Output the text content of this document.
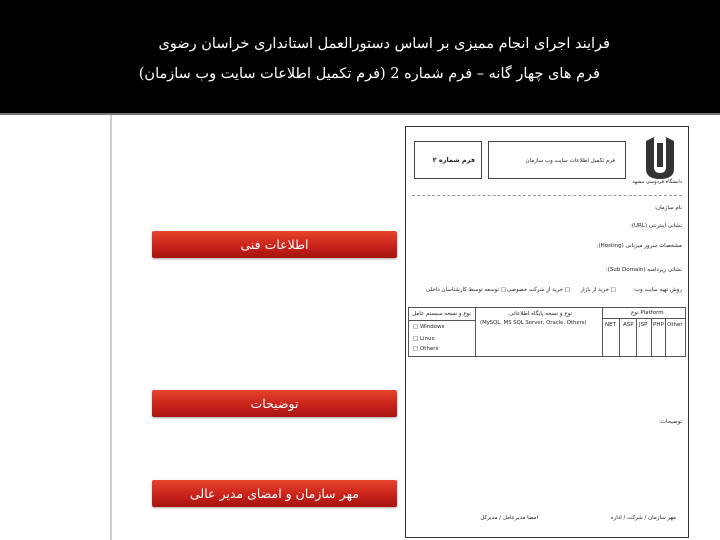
فرایند اجرای انجام ممیزی بر اساس دستورالعمل استانداری خراسان رضوی
فرم های چهار گانه – فرم شماره 2 (فرم تکمیل اطلاعات سایت وب سازمان)
اطلاعات فنی
توضیحات
مهر سازمان و امضای مدیر عالی
فرم شماره ۲	فرم تکمیل اطلاعات سایت وب سازمان
دانشگاه فردوسی مشهد
نام سازمان:
نشانی اینترنتی (URL):
مشخصات سرور میزبانی (Hosting):
نشانی زیردامنه (Sub Domain):
روش تهیه سایت وب:
□ خرید از بازار
□ خرید از شرکت خصوصی
□ توسعه توسط کارشناسان داخلی
نوع و نسخه سیستم عامل
□ Windows
□ Linux
□ Others
نوع و نسخه پایگاه اطلاعاتی
(MySQL, MS SQL Server, Oracle, Others)
نوع Platform
NET ASP JSP PHP Other
توضیحات:
مهر سازمان / شرکت / اداره
امضا مدیرعامل / مدیرکل
